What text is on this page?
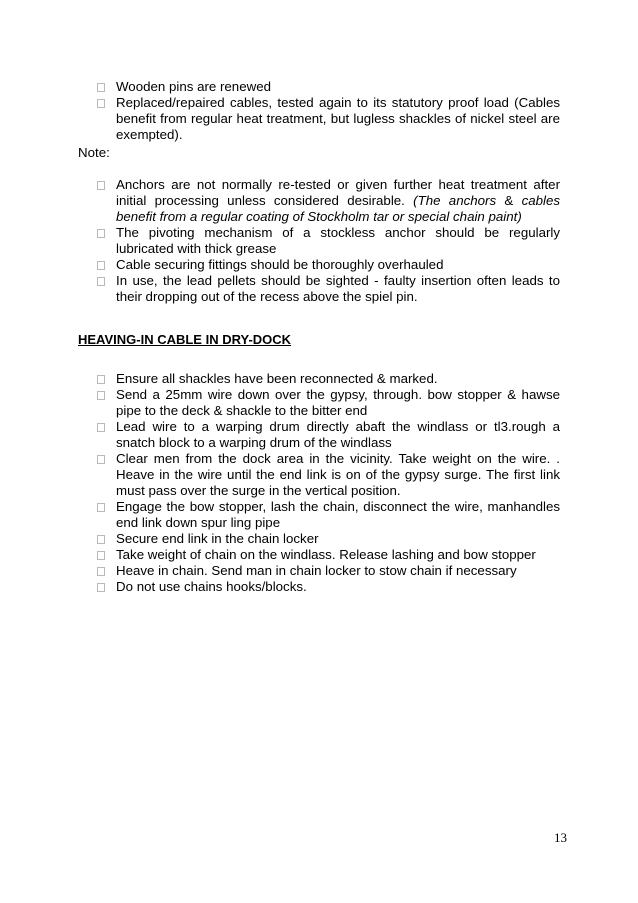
Wooden pins are renewed
Replaced/repaired cables, tested again to its statutory proof load (Cables benefit from regular heat treatment, but lugless shackles of nickel steel are exempted).
Note:
Anchors are not normally re-tested or given further heat treatment after initial processing unless considered desirable. (The anchors & cables benefit from a regular coating of Stockholm tar or special chain paint)
The pivoting mechanism of a stockless anchor should be regularly lubricated with thick grease
Cable securing fittings should be thoroughly overhauled
In use, the lead pellets should be sighted - faulty insertion often leads to their dropping out of the recess above the spiel pin.
HEAVING-IN CABLE IN DRY-DOCK
Ensure all shackles have been reconnected & marked.
Send a 25mm wire down over the gypsy, through. bow stopper & hawse pipe to the deck & shackle to the bitter end
Lead wire to a warping drum directly abaft the windlass or tl3.rough a snatch block to a warping drum of the windlass
Clear men from the dock area in the vicinity. Take weight on the wire. . Heave in the wire until the end link is on of the gypsy surge. The first link must pass over the surge in the vertical position.
Engage the bow stopper, lash the chain, disconnect the wire, manhandles end link down spur ling pipe
Secure end link in the chain locker
Take weight of chain on the windlass. Release lashing and bow stopper
Heave in chain. Send man in chain locker to stow chain if necessary
Do not use chains hooks/blocks.
13
